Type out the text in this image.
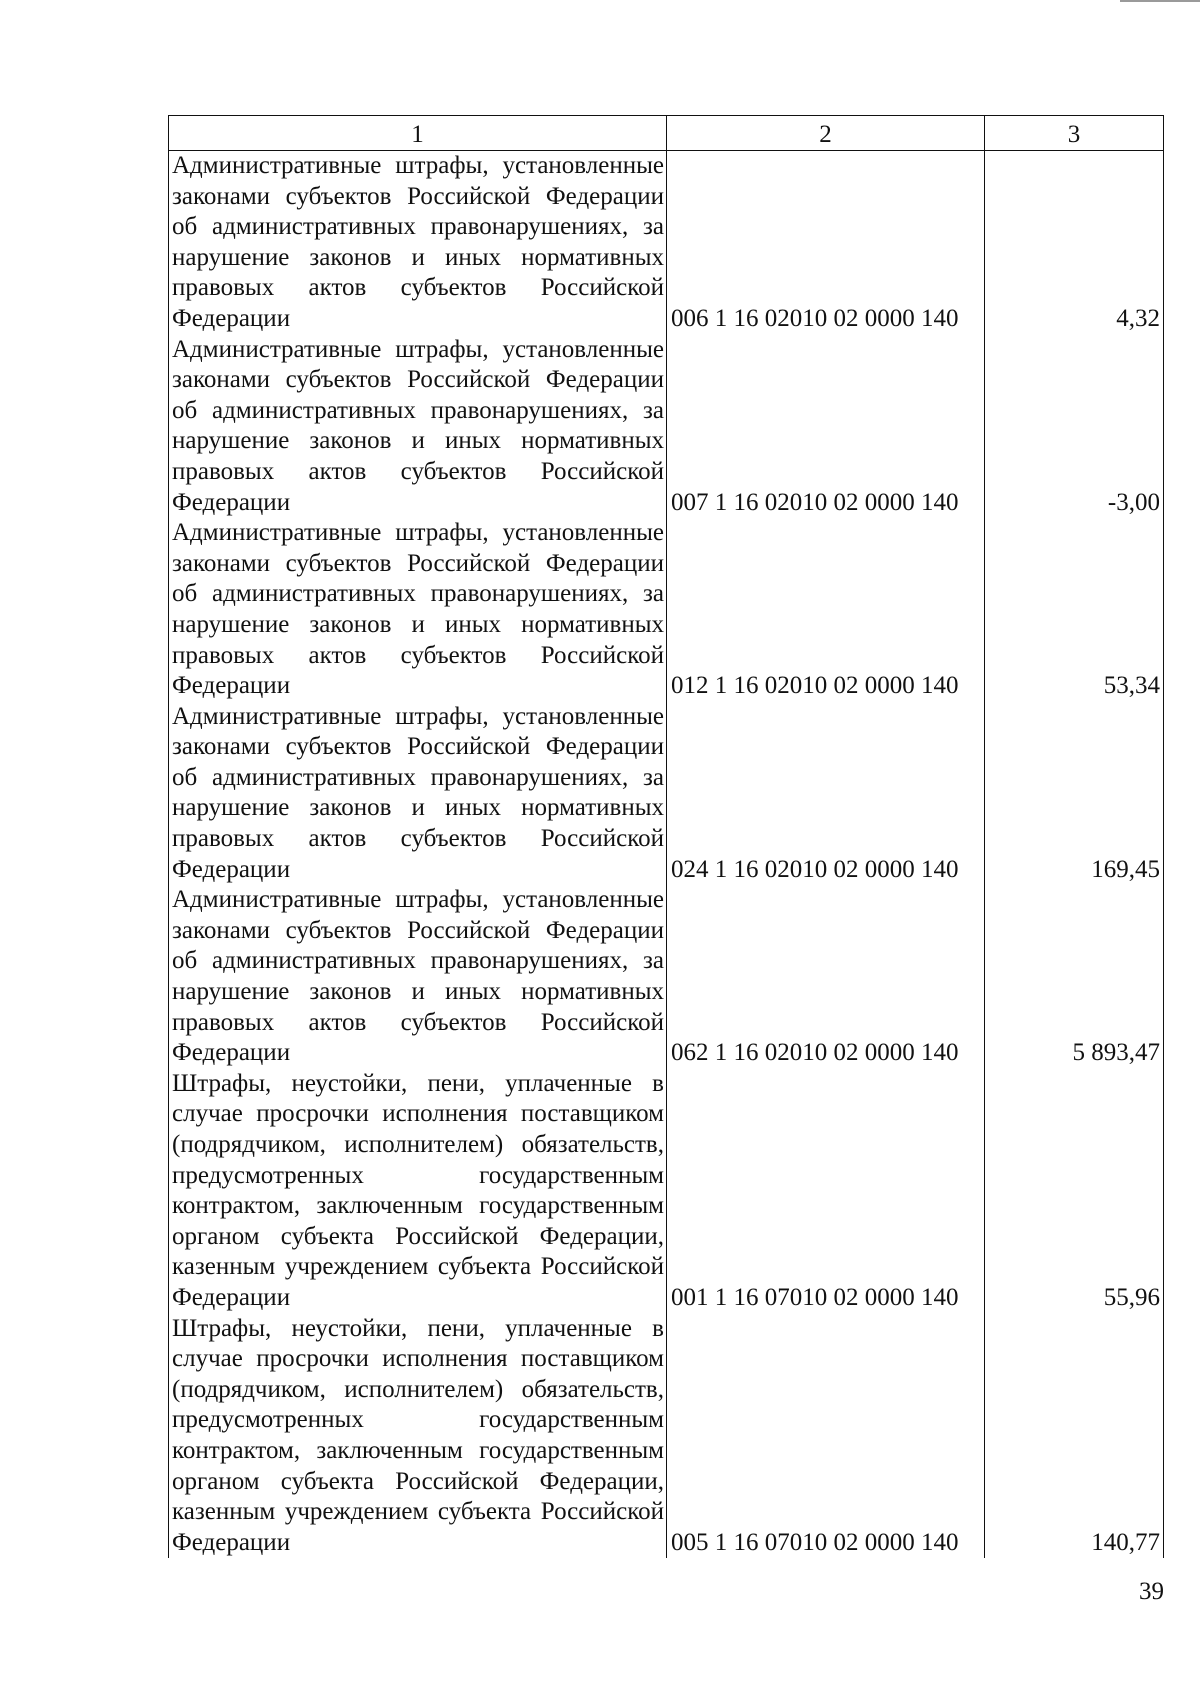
1	2	3
Административные штрафы, установленные законами субъектов Российской Федерации об административных правонарушениях, за нарушение законов и иных нормативных правовых актов субъектов Российской Федерации	006 1 16 02010 02 0000 140	4,32
Административные штрафы, установленные законами субъектов Российской Федерации об административных правонарушениях, за нарушение законов и иных нормативных правовых актов субъектов Российской Федерации	007 1 16 02010 02 0000 140	-3,00
Административные штрафы, установленные законами субъектов Российской Федерации об административных правонарушениях, за нарушение законов и иных нормативных правовых актов субъектов Российской Федерации	012 1 16 02010 02 0000 140	53,34
Административные штрафы, установленные законами субъектов Российской Федерации об административных правонарушениях, за нарушение законов и иных нормативных правовых актов субъектов Российской Федерации	024 1 16 02010 02 0000 140	169,45
Административные штрафы, установленные законами субъектов Российской Федерации об административных правонарушениях, за нарушение законов и иных нормативных правовых актов субъектов Российской Федерации	062 1 16 02010 02 0000 140	5 893,47
Штрафы, неустойки, пени, уплаченные в случае просрочки исполнения поставщиком (подрядчиком, исполнителем) обязательств, предусмотренных государственным контрактом, заключенным государственным органом субъекта Российской Федерации, казенным учреждением субъекта Российской Федерации	001 1 16 07010 02 0000 140	55,96
Штрафы, неустойки, пени, уплаченные в случае просрочки исполнения поставщиком (подрядчиком, исполнителем) обязательств, предусмотренных государственным контрактом, заключенным государственным органом субъекта Российской Федерации, казенным учреждением субъекта Российской Федерации	005 1 16 07010 02 0000 140	140,77
39
